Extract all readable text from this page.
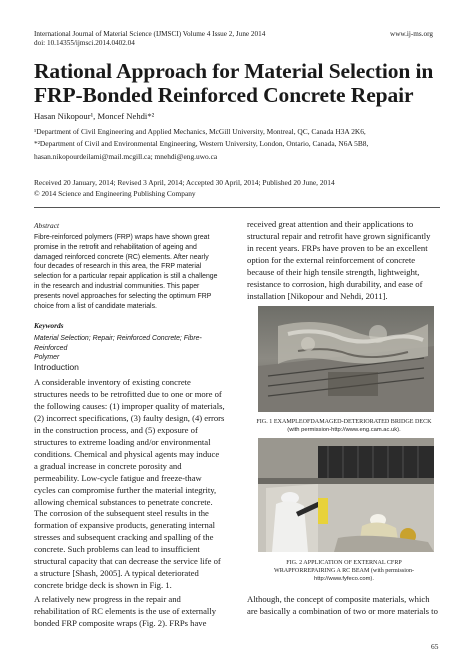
International Journal of Material Science (IJMSCI) Volume 4 Issue 2, June 2014
doi: 10.14355/ijmsci.2014.0402.04
www.ij-ms.org
Rational Approach for Material Selection in
FRP-Bonded Reinforced Concrete Repair
Hasan Nikopour¹, Moncef Nehdi*²
¹Department of Civil Engineering and Applied Mechanics, McGill University, Montreal, QC, Canada H3A 2K6,
*²Department of Civil and Environmental Engineering, Western University, London, Ontario, Canada, N6A 5B8,
hasan.nikopourdeilami@mail.mcgill.ca; mnehdi@eng.uwo.ca
Received 20 January, 2014; Revised 3 April, 2014; Accepted 30 April, 2014; Published 20 June, 2014
© 2014 Science and Engineering Publishing Company
Abstract
Fibre-reinforced polymers (FRP) wraps have shown great
promise in the retrofit and rehabilitation of ageing and
damaged reinforced concrete (RC) elements. After nearly
four decades of research in this area, the FRP material
selection for a particular repair application is still a challenge
in the research and industrial communities. This paper
presents novel approaches for selecting the optimum FRP
choice from a list of candidate materials.
Keywords
Material Selection; Repair; Reinforced Concrete; Fibre-Reinforced
Polymer
Introduction
A considerable inventory of existing concrete
structures needs to be retrofitted due to one or more of
the following causes: (1) improper quality of materials,
(2) incorrect specifications, (3) faulty design, (4) errors
in the construction process, and (5) exposure of
structures to extreme loading and/or environmental
conditions. Chemical and physical agents may induce
a gradual increase in concrete porosity and
permeability. Low-cycle fatigue and freeze-thaw
cycles can compromise further the material integrity,
allowing chemical substances to penetrate concrete.
The corrosion of the subsequent steel results in the
formation of expansive products, generating internal
stresses and subsequent cracking and spalling of the
concrete. Such problems can lead to insufficient
structural capacity that can decrease the service life of
a structure [Shash, 2005]. A typical deteriorated
concrete bridge deck is shown in Fig. 1.
A relatively new progress in the repair and
rehabilitation of RC elements is the use of externally
bonded FRP composite wraps (Fig. 2). FRPs have
received great attention and their applications to
structural repair and retrofit have grown significantly
in recent years. FRPs have proven to be an excellent
option for the external reinforcement of concrete
because of their high tensile strength, lightweight,
resistance to corrosion, high durability, and ease of
installation [Nikopour and Nehdi, 2011].
FIG. 1 EXAMPLEOFDAMAGED-DETERIORATED BRIDGE DECK
(with permission-http://www.eng.cam.ac.uk).
FIG. 2 APPLICATION OF EXTERNAL CFRP
WRAPFORREPAIRING A RC BEAM (with permission-
http://www.fyfeco.com).
Although, the concept of composite materials, which
are basically a combination of two or more materials to
65
